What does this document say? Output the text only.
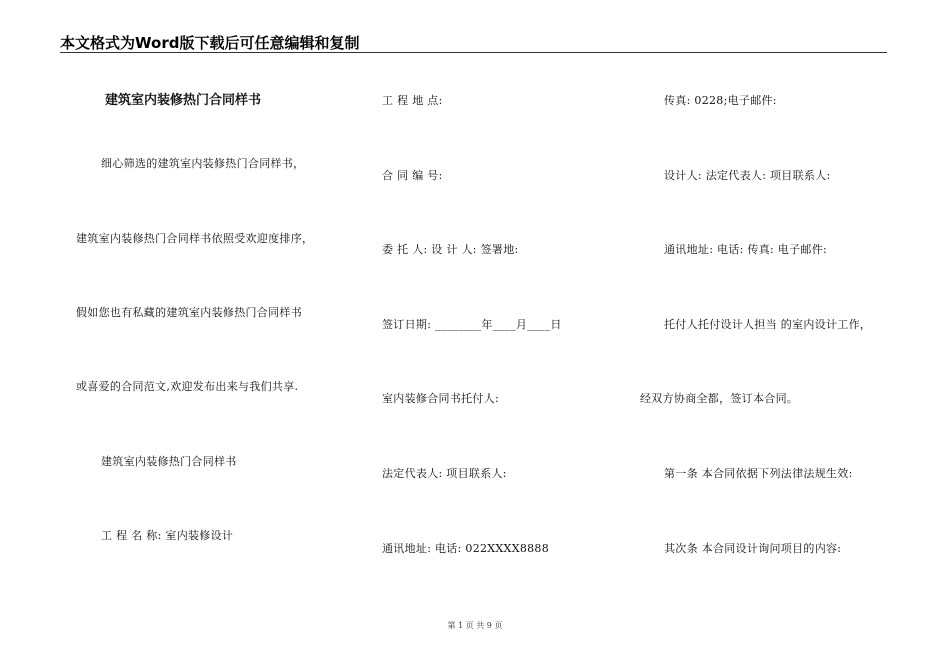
本文格式为Word版下载后可任意编辑和复制
建筑室内装修热门合同样书
细心筛选的建筑室内装修热门合同样书，
建筑室内装修热门合同样书依照受欢迎度排序，
假如您也有私藏的建筑室内装修热门合同样书
或喜爱的合同范文,欢迎发布出来与我们共享.
建筑室内装修热门合同样书
工 程 名 称: 室内装修设计
工 程 地 点:
合 同 编 号:
委 托 人: 设 计 人: 签署地:
签订日期: ________年____月____日
室内装修合同书托付人:
法定代表人: 项目联系人:
通讯地址: 电话: 022XXXX8888
传真: 0228;电子邮件:
设计人: 法定代表人: 项目联系人:
通讯地址: 电话: 传真: 电子邮件:
托付人托付设计人担当 的室内设计工作，
经双方协商全都，签订本合同。
第一条 本合同依据下列法律法规生效:
其次条 本合同设计询问项目的内容:
第 1 页 共 9 页
